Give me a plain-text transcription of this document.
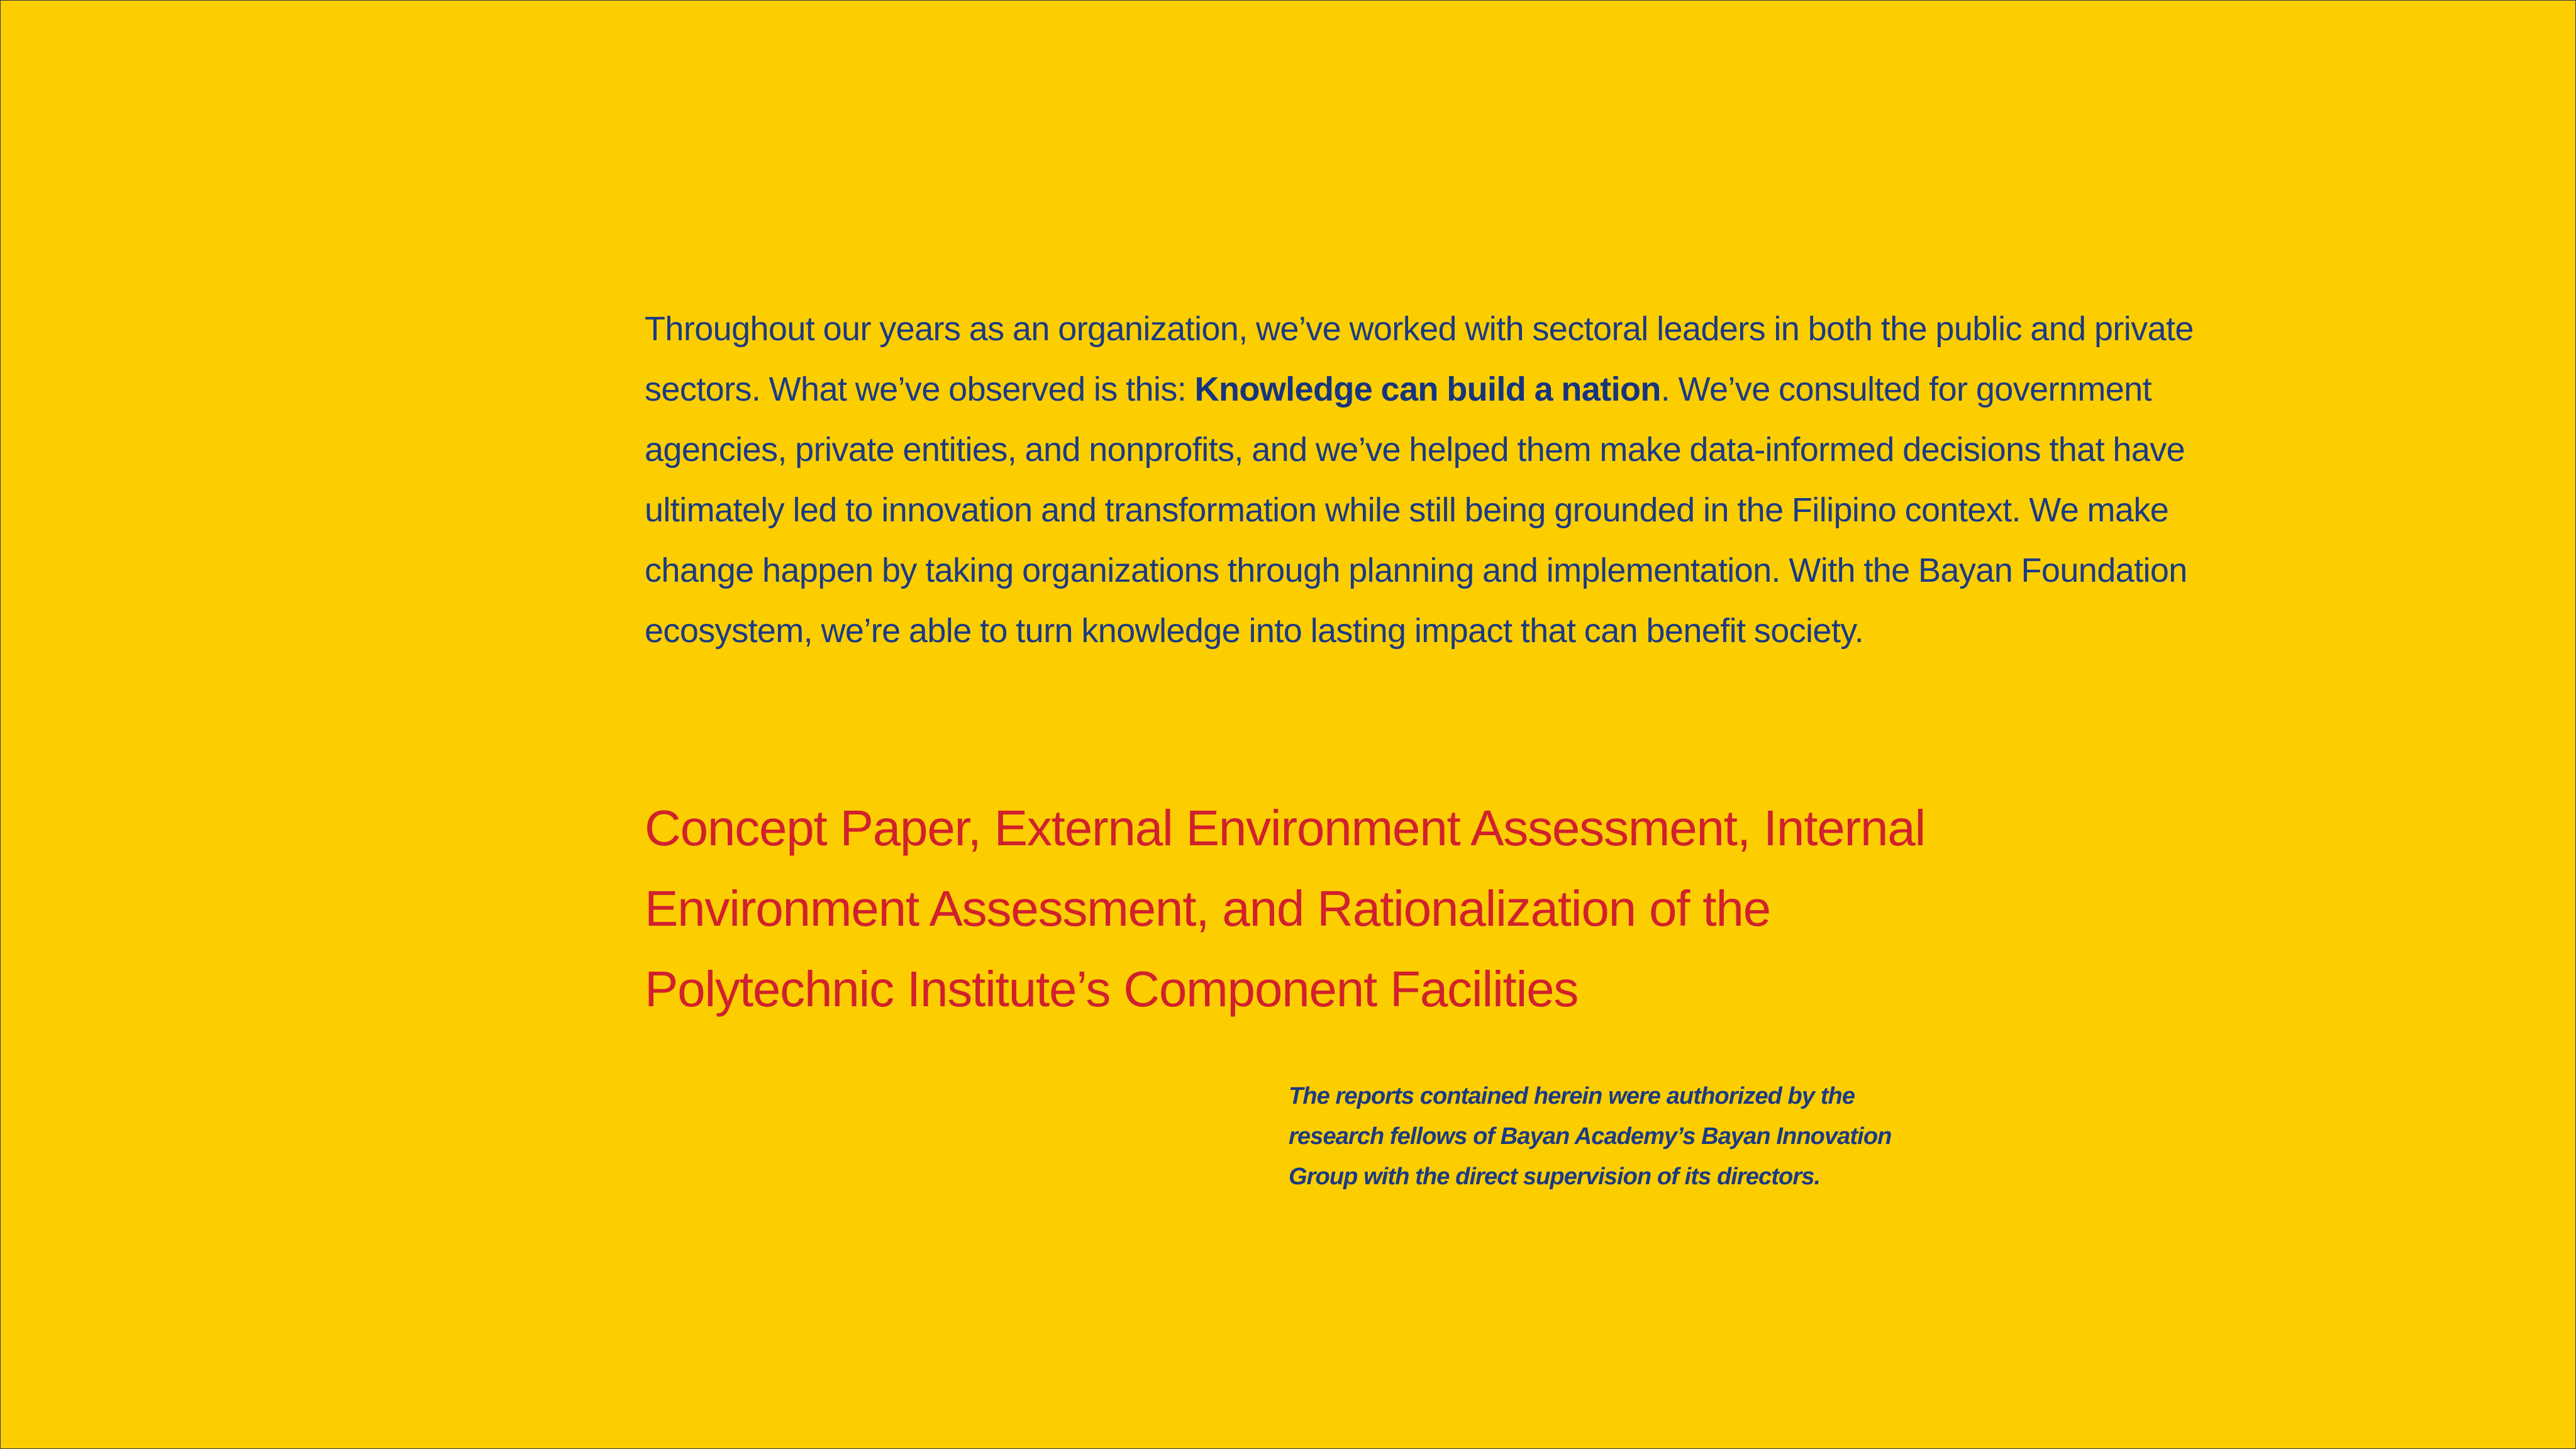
Throughout our years as an organization, we’ve worked with sectoral leaders in both the public and private sectors. What we’ve observed is this: Knowledge can build a nation. We’ve consulted for government agencies, private entities, and nonprofits, and we’ve helped them make data-informed decisions that have ultimately led to innovation and transformation while still being grounded in the Filipino context. We make change happen by taking organizations through planning and implementation. With the Bayan Foundation ecosystem, we’re able to turn knowledge into lasting impact that can benefit society.

Concept Paper, External Environment Assessment, Internal Environment Assessment, and Rationalization of the Polytechnic Institute’s Component Facilities

The reports contained herein were authorized by the research fellows of Bayan Academy’s Bayan Innovation Group with the direct supervision of its directors.
